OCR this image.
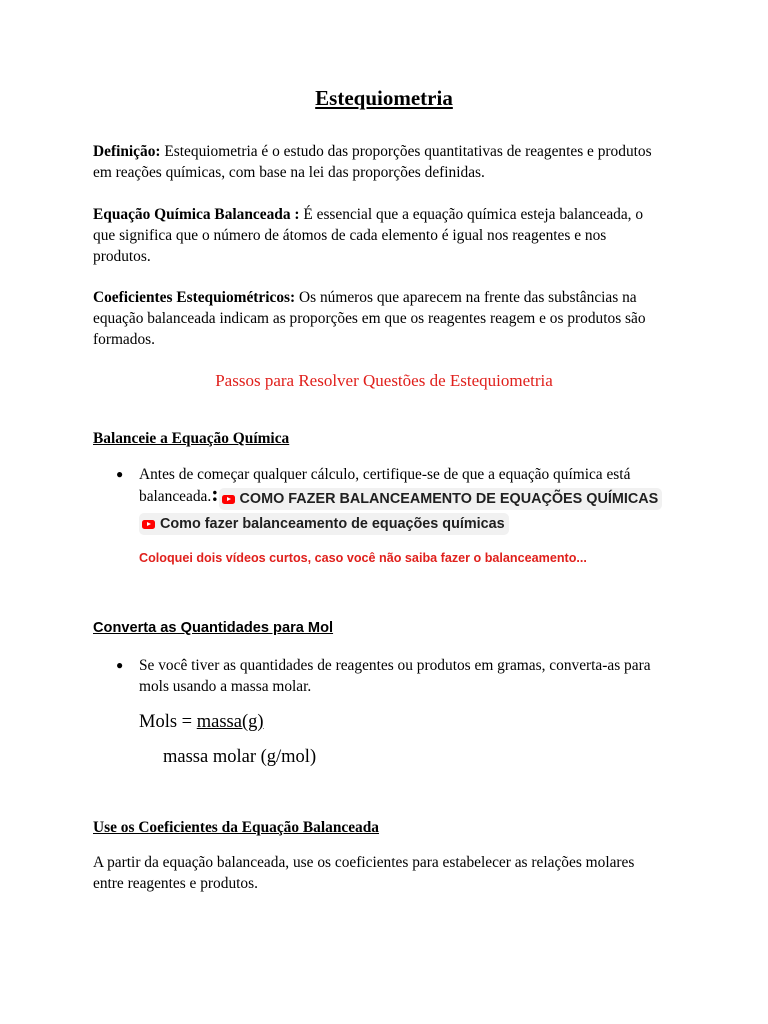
Estequiometria
Definição: Estequiometria é o estudo das proporções quantitativas de reagentes e produtos em reações químicas, com base na lei das proporções definidas.
Equação Química Balanceada : É essencial que a equação química esteja balanceada, o que significa que o número de átomos de cada elemento é igual nos reagentes e nos produtos.
Coeficientes Estequiométricos: Os números que aparecem na frente das substâncias na equação balanceada indicam as proporções em que os reagentes reagem e os produtos são formados.
Passos para Resolver Questões de Estequiometria
Balanceie a Equação Química
● Antes de começar qualquer cálculo, certifique-se de que a equação química está balanceada.: COMO FAZER BALANCEAMENTO DE EQUAÇÕES QUÍMICAS

Como fazer balanceamento de equações químicas
Coloquei dois vídeos curtos, caso você não saiba fazer o balanceamento...
Converta as Quantidades para Mol
● Se você tiver as quantidades de reagentes ou produtos em gramas, converta-as para mols usando a massa molar.
Mols = massa(g)
massa molar (g/mol)
Use os Coeficientes da Equação Balanceada
A partir da equação balanceada, use os coeficientes para estabelecer as relações molares entre reagentes e produtos.
